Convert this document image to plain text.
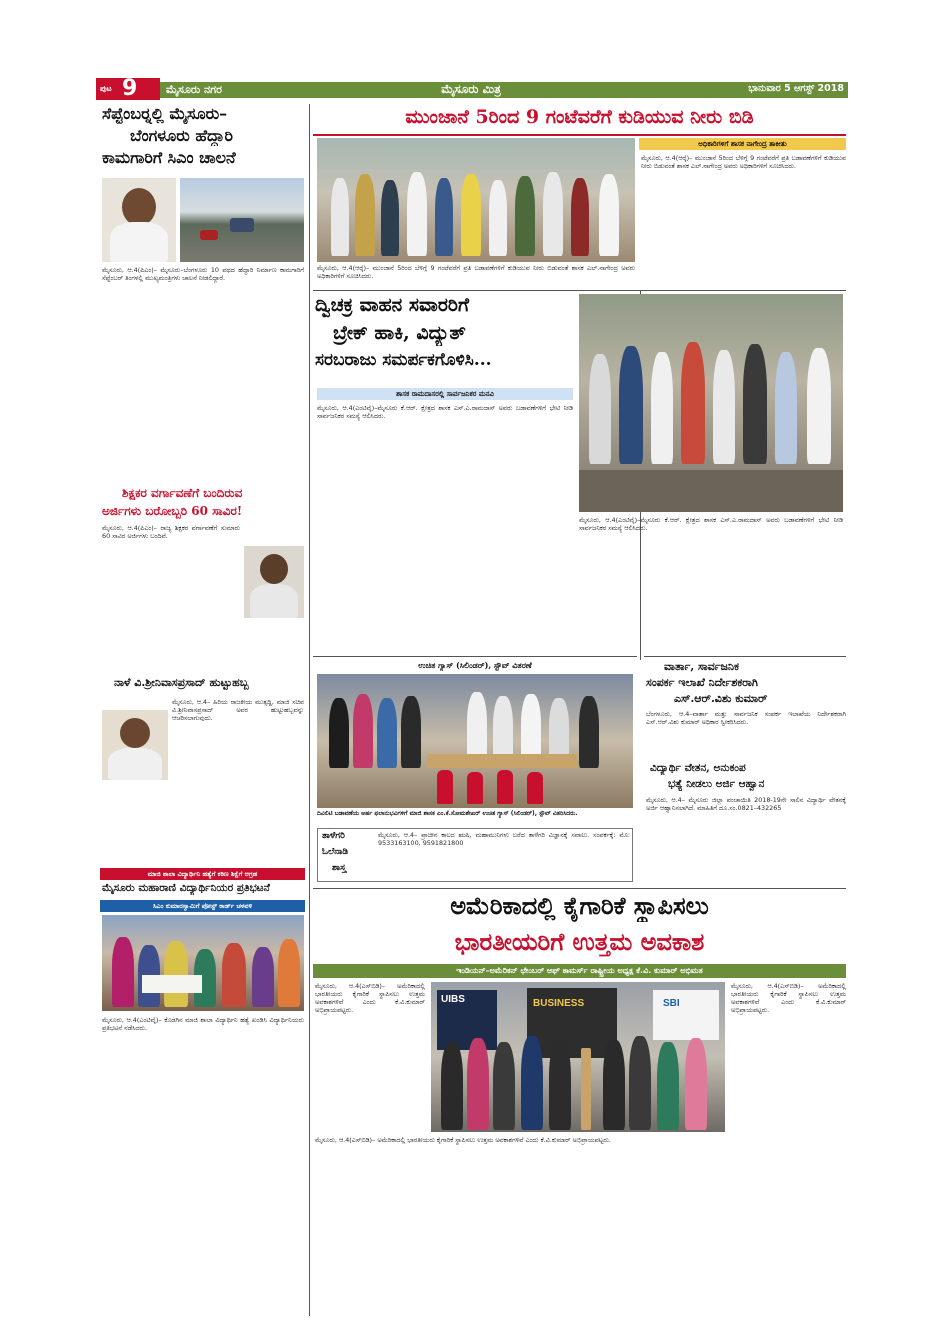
ಪುಟ 9	ಮೈಸೂರು ನಗರ	ಮೈಸೂರು ಮಿತ್ರ	ಭಾನುವಾರ 5 ಆಗಸ್ಟ್ 2018
ಸೆಪ್ಟೆಂಬರ್‍ನಲ್ಲಿ ಮೈಸೂರು–
ಬೆಂಗಳೂರು ಹೆದ್ದಾರಿ
ಕಾಮಗಾರಿಗೆ ಸಿಎಂ ಚಾಲನೆ
ಮೈಸೂರು, ಆ.4(ಪಿಎಂ)– ಮೈಸೂರು–ಬೆಂಗಳೂರು 10 ಪಥದ ಹೆದ್ದಾರಿ ನಿರ್ಮಾಣ ಕಾಮಗಾರಿಗೆ ಸೆಪ್ಟೆಂಬರ್ ತಿಂಗಳಲ್ಲಿ ಮುಖ್ಯಮಂತ್ರಿಗಳು ಚಾಲನೆ ನೀಡಲಿದ್ದಾರೆ.
ಶಿಕ್ಷಕರ ವರ್ಗಾವಣೆಗೆ ಬಂದಿರುವ
ಅರ್ಜಿಗಳು ಬರೋಬ್ಬರಿ 60 ಸಾವಿರ!
ಮೈಸೂರು, ಆ.4(ಪಿಎಂ)– ರಾಜ್ಯ ಶಿಕ್ಷಕರ ವರ್ಗಾವಣೆಗೆ ಸುಮಾರು 60 ಸಾವಿರ ಅರ್ಜಿಗಳು ಬಂದಿವೆ.
ನಾಳೆ ವಿ.ಶ್ರೀನಿವಾಸಪ್ರಸಾದ್ ಹುಟ್ಟುಹಬ್ಬ
ಮೈಸೂರು, ಆ.4– ಹಿರಿಯ ರಾಜಕೀಯ ಮುತ್ಸದ್ದಿ, ಮಾಜಿ ಸಚಿವ ವಿ.ಶ್ರೀನಿವಾಸಪ್ರಸಾದ್ ಅವರ ಹುಟ್ಟುಹಬ್ಬವನ್ನು ಆಚರಿಸಲಾಗುವುದು.
ಮಾಜಿ ಶಾಲಾ ವಿದ್ಯಾರ್ಥಿನಿ ಹತ್ಯೆಗೆ ಕಠಿಣ ಶಿಕ್ಷೆಗೆ ಆಗ್ರಹ
ಮೈಸೂರು ಮಹಾರಾಣಿ ವಿದ್ಯಾರ್ಥಿನಿಯರ ಪ್ರತಿಭಟನೆ
ಸಿಎಂ ಕುಮಾರಸ್ವಾಮಿಗೆ ಪೋಸ್ಟ್ ಕಾರ್ಡ್ ಚಳವಳಿ
ಮೈಸೂರು, ಆ.4(ಎಂಟಿವೈ)– ಕೊಡಗಿನ ಮಾಜಿ ಶಾಲಾ ವಿದ್ಯಾರ್ಥಿನಿ ಹತ್ಯೆ ಖಂಡಿಸಿ ವಿದ್ಯಾರ್ಥಿನಿಯರು ಪ್ರತಿಭಟನೆ ನಡೆಸಿದರು.
ಮುಂಜಾನೆ 5ರಿಂದ 9 ಗಂಟೆವರೆಗೆ ಕುಡಿಯುವ ನೀರು ಬಿಡಿ
ಅಧಿಕಾರಿಗಳಿಗೆ ಶಾಸಕ ನಾಗೇಂದ್ರ ತಾಕೀತು
ಮೈಸೂರು, ಆ.4(ಆರ್‍ಕೆ)– ಮುಂಜಾನೆ 5ರಿಂದ ಬೆಳಿಗ್ಗೆ 9 ಗಂಟೆವರೆಗೆ ಪ್ರತಿ ಬಡಾವಣೆಗಳಿಗೆ ಕುಡಿಯುವ ನೀರು ಬಿಡುವಂತೆ ಶಾಸಕ ಎಲ್.ನಾಗೇಂದ್ರ ಅವರು ಅಧಿಕಾರಿಗಳಿಗೆ ಸೂಚಿಸಿದರು.
ಮೈಸೂರು, ಆ.4(ಆರ್‍ಕೆ)– ಮುಂಜಾನೆ 5ರಿಂದ ಬೆಳಿಗ್ಗೆ 9 ಗಂಟೆವರೆಗೆ ಪ್ರತಿ ಬಡಾವಣೆಗಳಿಗೆ ಕುಡಿಯುವ ನೀರು ಬಿಡುವಂತೆ ಶಾಸಕ ಎಲ್.ನಾಗೇಂದ್ರ ಅವರು ಅಧಿಕಾರಿಗಳಿಗೆ ಸೂಚಿಸಿದರು.
ದ್ವಿಚಕ್ರ ವಾಹನ ಸವಾರರಿಗೆ
ಬ್ರೇಕ್ ಹಾಕಿ, ವಿದ್ಯುತ್
ಸರಬರಾಜು ಸಮರ್ಪಕಗೊಳಿಸಿ...
ಶಾಸಕ ರಾಮದಾಸರಲ್ಲಿ ಸಾರ್ವಜನಿಕರ ಮನವಿ
ಮೈಸೂರು, ಆ.4(ಎಂಟಿವೈ)–ಮೈಸೂರು ಕೆ.ಆರ್. ಕ್ಷೇತ್ರದ ಶಾಸಕ ಎಸ್.ಎ.ರಾಮದಾಸ್ ಅವರು ಬಡಾವಣೆಗಳಿಗೆ ಭೇಟಿ ನೀಡಿ ಸಾರ್ವಜನಿಕರ ಸಮಸ್ಯೆ ಆಲಿಸಿದರು.
ಮೈಸೂರು, ಆ.4(ಎಂಟಿವೈ)–ಮೈಸೂರು ಕೆ.ಆರ್. ಕ್ಷೇತ್ರದ ಶಾಸಕ ಎಸ್.ಎ.ರಾಮದಾಸ್ ಅವರು ಬಡಾವಣೆಗಳಿಗೆ ಭೇಟಿ ನೀಡಿ ಸಾರ್ವಜನಿಕರ ಸಮಸ್ಯೆ ಆಲಿಸಿದರು.
ಉಚಿತ ಗ್ಯಾಸ್ (ಸಿಲಿಂಡರ್), ಸ್ಟೌವ್ ವಿತರಣೆ
ದಿವಿಲಿಟಿ ಬಡಾವಣೆಯ ಅರ್ಹ ಫಲಾನುಭವಿಗಳಿಗೆ ಮಾಜಿ ಶಾಸಕ ಎಂ.ಕೆ.ಸೋಮಶೇಖರ್ ಉಚಿತ ಗ್ಯಾಸ್ (ಸಿಲಿಂಡರ್), ಸ್ಟೌವ್ ವಿತರಿಸಿದರು.
ತಾಳೆಗರಿ
ಓಲೆನಾಡಿ
ಶಾಸ್ತ್ರ
ಮೈಸೂರು, ಆ.4– ಪ್ರಾಚೀನ ಕಾಲದ ಋಷಿ, ಮಹಾಮುನಿಗಳು ಬರೆದ ತಾಳೆಗರಿ ವಿಜ್ಞಾನಕ್ಕೆ ಸವಾಲು. ಸಂಪರ್ಕಕ್ಕೆ: ಮೊ: 9533163100, 9591821800
ವಾರ್ತಾ, ಸಾರ್ವಜನಿಕ
ಸಂಪರ್ಕ ಇಲಾಖೆ ನಿರ್ದೇಶಕರಾಗಿ
ಎಸ್.ಆರ್.ವಿಶು ಕುಮಾರ್
ಬೆಂಗಳೂರು, ಆ.4–ವಾರ್ತಾ ಮತ್ತು ಸಾರ್ವಜನಿಕ ಸಂಪರ್ಕ ಇಲಾಖೆಯ ನಿರ್ದೇಶಕರಾಗಿ ಎಸ್.ಆರ್.ವಿಶು ಕುಮಾರ್ ಅಧಿಕಾರ ಸ್ವೀಕರಿಸಿದರು.
ವಿದ್ಯಾರ್ಥಿ ವೇತನ, ಅನುಕಂಪ
ಭತ್ಯೆ ನೀಡಲು ಅರ್ಜಿ ಆಹ್ವಾನ
ಮೈಸೂರು, ಆ.4– ಮೈಸೂರು ಜಿಲ್ಲಾ ಪಂಚಾಯಿತಿ 2018-19ನೇ ಸಾಲಿನ ವಿದ್ಯಾರ್ಥಿ ವೇತನಕ್ಕೆ ಅರ್ಜಿ ಆಹ್ವಾನಿಸಲಾಗಿದೆ. ಮಾಹಿತಿಗೆ ದೂ.ಸಂ.0821–432265
ಅಮೆರಿಕಾದಲ್ಲಿ ಕೈಗಾರಿಕೆ ಸ್ಥಾಪಿಸಲು
ಭಾರತೀಯರಿಗೆ ಉತ್ತಮ ಅವಕಾಶ
ಇಂಡಿಯನ್–ಅಮೆರಿಕನ್ ಛೇಂಬರ್ ಆಫ್ ಕಾಮರ್ಸ್ ರಾಷ್ಟ್ರೀಯ ಅಧ್ಯಕ್ಷ ಕೆ.ವಿ. ಕುಮಾರ್ ಅಭಿಮತ
ಮೈಸೂರು, ಆ.4(ಎಸ್‍ಬಿಡಿ)– ಅಮೆರಿಕಾದಲ್ಲಿ ಭಾರತೀಯರು ಕೈಗಾರಿಕೆ ಸ್ಥಾಪಿಸಲು ಉತ್ತಮ ಅವಕಾಶಗಳಿವೆ ಎಂದು ಕೆ.ವಿ.ಕುಮಾರ್ ಅಭಿಪ್ರಾಯಪಟ್ಟರು.
UIBS	BUSINESS	SBI
ಮೈಸೂರು, ಆ.4(ಎಸ್‍ಬಿಡಿ)– ಅಮೆರಿಕಾದಲ್ಲಿ ಭಾರತೀಯರು ಕೈಗಾರಿಕೆ ಸ್ಥಾಪಿಸಲು ಉತ್ತಮ ಅವಕಾಶಗಳಿವೆ ಎಂದು ಕೆ.ವಿ.ಕುಮಾರ್ ಅಭಿಪ್ರಾಯಪಟ್ಟರು.
ಮೈಸೂರು, ಆ.4(ಎಸ್‍ಬಿಡಿ)– ಅಮೆರಿಕಾದಲ್ಲಿ ಭಾರತೀಯರು ಕೈಗಾರಿಕೆ ಸ್ಥಾಪಿಸಲು ಉತ್ತಮ ಅವಕಾಶಗಳಿವೆ ಎಂದು ಕೆ.ವಿ.ಕುಮಾರ್ ಅಭಿಪ್ರಾಯಪಟ್ಟರು.
